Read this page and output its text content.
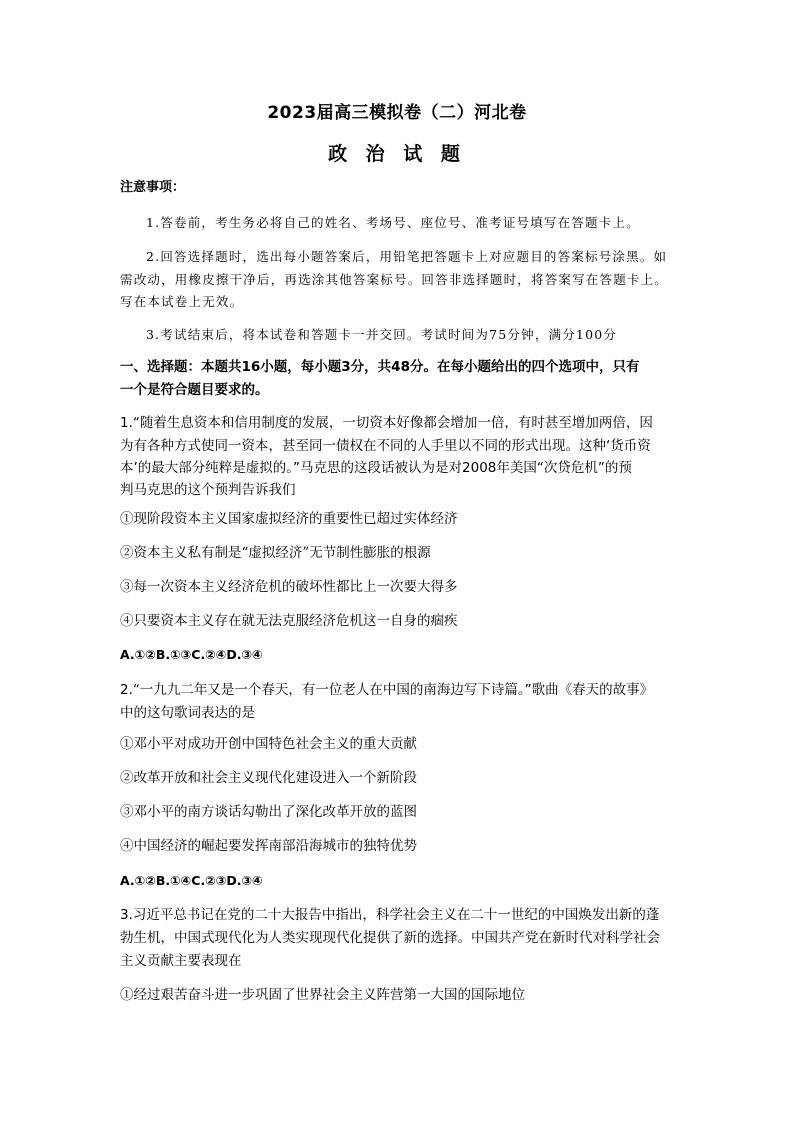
2023届高三模拟卷（二）河北卷
政 治 试 题
注意事项：
1.答卷前，考生务必将自己的姓名、考场号、座位号、准考证号填写在答题卡上。
2.回答选择题时，选出每小题答案后，用铅笔把答题卡上对应题目的答案标号涂黑。如
需改动，用橡皮擦干净后，再选涂其他答案标号。回答非选择题时，将答案写在答题卡上。
写在本试卷上无效。
3.考试结束后，将本试卷和答题卡一并交回。考试时间为75分钟，满分100分
一、选择题：本题共16小题，每小题3分，共48分。在每小题给出的四个选项中，只有
一个是符合题目要求的。
1.“随着生息资本和信用制度的发展，一切资本好像都会增加一倍，有时甚至增加两倍，因
为有各种方式使同一资本，甚至同一债权在不同的人手里以不同的形式出现。这种‘货币资
本’的最大部分纯粹是虚拟的。”马克思的这段话被认为是对2008年美国“次贷危机”的预
判马克思的这个预判告诉我们
①现阶段资本主义国家虚拟经济的重要性已超过实体经济
②资本主义私有制是“虚拟经济”无节制性膨胀的根源
③每一次资本主义经济危机的破坏性都比上一次要大得多
④只要资本主义存在就无法克服经济危机这一自身的痼疾
A.①②B.①③C.②④D.③④
2.“一九九二年又是一个春天，有一位老人在中国的南海边写下诗篇。”歌曲《春天的故事》
中的这句歌词表达的是
①邓小平对成功开创中国特色社会主义的重大贡献
②改革开放和社会主义现代化建设进入一个新阶段
③邓小平的南方谈话勾勒出了深化改革开放的蓝图
④中国经济的崛起要发挥南部沿海城市的独特优势
A.①②B.①④C.②③D.③④
3.习近平总书记在党的二十大报告中指出，科学社会主义在二十一世纪的中国焕发出新的蓬
勃生机，中国式现代化为人类实现现代化提供了新的选择。中国共产党在新时代对科学社会
主义贡献主要表现在
①经过艰苦奋斗进一步巩固了世界社会主义阵营第一大国的国际地位
